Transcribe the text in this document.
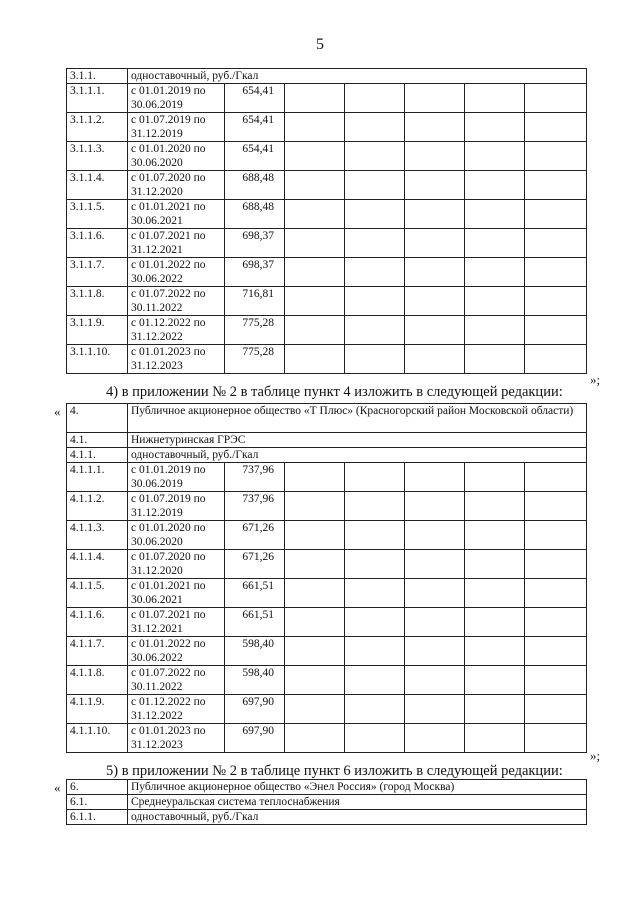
5
3.1.1.	одноставочный, руб./Гкал						
3.1.1.1.	с 01.01.2019 по 30.06.2019	654,41					
3.1.1.2.	с 01.07.2019 по 31.12.2019	654,41					
3.1.1.3.	с 01.01.2020 по 30.06.2020	654,41					
3.1.1.4.	с 01.07.2020 по 31.12.2020	688,48					
3.1.1.5.	с 01.01.2021 по 30.06.2021	688,48					
3.1.1.6.	с 01.07.2021 по 31.12.2021	698,37					
3.1.1.7.	с 01.01.2022 по 30.06.2022	698,37					
3.1.1.8.	с 01.07.2022 по 30.11.2022	716,81					
3.1.1.9.	с 01.12.2022 по 31.12.2022	775,28					
3.1.1.10.	с 01.01.2023 по 31.12.2023	775,28					
»;
4) в приложении № 2 в таблице пункт 4 изложить в следующей редакции:
« 4.	Публичное акционерное общество «Т Плюс» (Красногорский район Московской области)						
4.1.	Нижнетуринская ГРЭС						
4.1.1.	одноставочный, руб./Гкал						
4.1.1.1.	с 01.01.2019 по 30.06.2019	737,96					
4.1.1.2.	с 01.07.2019 по 31.12.2019	737,96					
4.1.1.3.	с 01.01.2020 по 30.06.2020	671,26					
4.1.1.4.	с 01.07.2020 по 31.12.2020	671,26					
4.1.1.5.	с 01.01.2021 по 30.06.2021	661,51					
4.1.1.6.	с 01.07.2021 по 31.12.2021	661,51					
4.1.1.7.	с 01.01.2022 по 30.06.2022	598,40					
4.1.1.8.	с 01.07.2022 по 30.11.2022	598,40					
4.1.1.9.	с 01.12.2022 по 31.12.2022	697,90					
4.1.1.10.	с 01.01.2023 по 31.12.2023	697,90					
»;
5) в приложении № 2 в таблице пункт 6 изложить в следующей редакции:
« 6.	Публичное акционерное общество «Энел Россия» (город Москва)
6.1.	Среднеуральская система теплоснабжения
6.1.1.	одноставочный, руб./Гкал
